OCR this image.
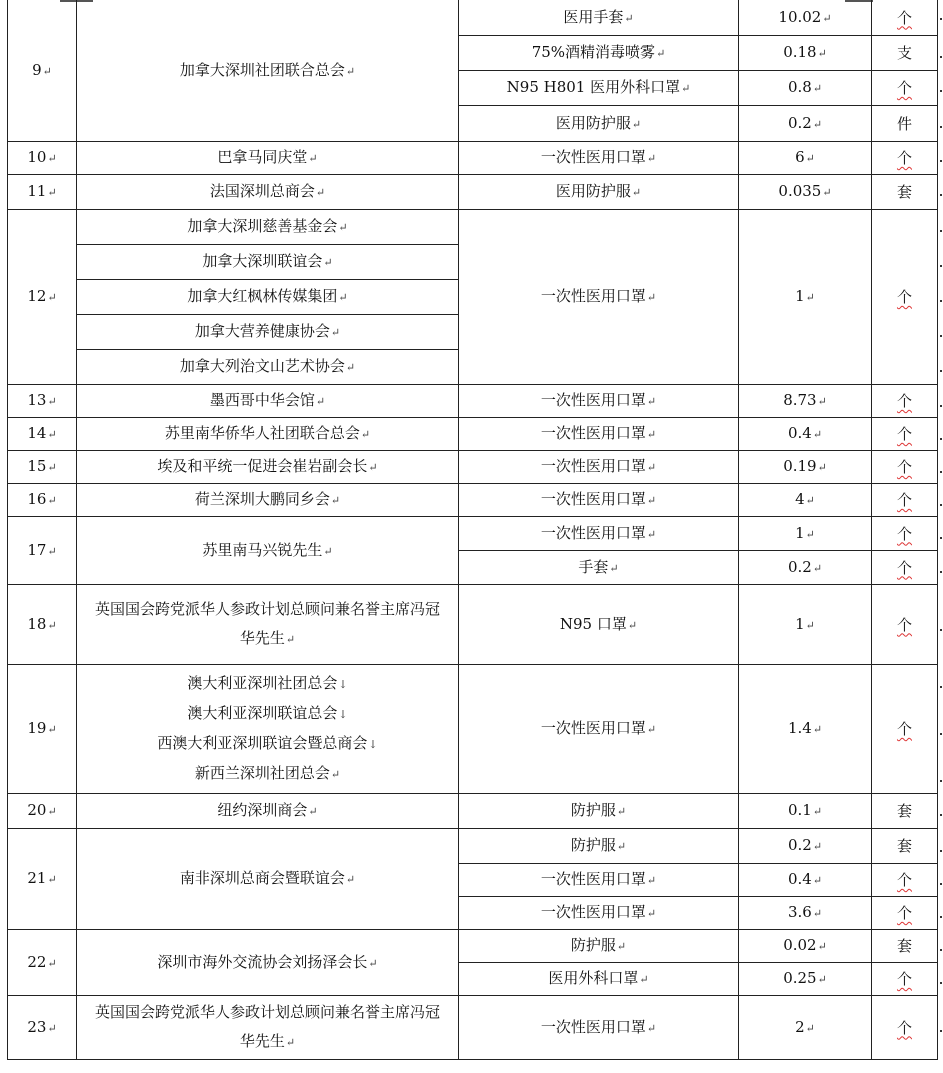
9 ↵	加拿大深圳社团联合总会 ↵	医用手套 ↵	10.02 ↵	个
		75%酒精消毒喷雾 ↵	0.18 ↵	支
		N95 H801 医用外科口罩 ↵	0.8 ↵	个
		医用防护服 ↵	0.2 ↵	件
10 ↵	巴拿马同庆堂 ↵	一次性医用口罩 ↵	6 ↵	个
11 ↵	法国深圳总商会 ↵	医用防护服 ↵	0.035 ↵	套
12 ↵	加拿大深圳慈善基金会 ↵	一次性医用口罩 ↵	1 ↵	个
	加拿大深圳联谊会 ↵
	加拿大红枫林传媒集团 ↵
	加拿大营养健康协会 ↵
	加拿大列治文山艺术协会 ↵
13 ↵	墨西哥中华会馆 ↵	一次性医用口罩 ↵	8.73 ↵	个
14 ↵	苏里南华侨华人社团联合总会 ↵	一次性医用口罩 ↵	0.4 ↵	个
15 ↵	埃及和平统一促进会崔岩副会长 ↵	一次性医用口罩 ↵	0.19 ↵	个
16 ↵	荷兰深圳大鹏同乡会 ↵	一次性医用口罩 ↵	4 ↵	个
17 ↵	苏里南马兴锐先生 ↵	一次性医用口罩 ↵	1 ↵	个
		手套 ↵	0.2 ↵	个
18 ↵	英国国会跨党派华人参政计划总顾问兼名誉主席冯冠华先生 ↵	N95 口罩 ↵	1 ↵	个
19 ↵	澳大利亚深圳社团总会 ↓
澳大利亚深圳联谊总会 ↓
西澳大利亚深圳联谊会暨总商会 ↓
新西兰深圳社团总会 ↵	一次性医用口罩 ↵	1.4 ↵	个
20 ↵	纽约深圳商会 ↵	防护服 ↵	0.1 ↵	套
21 ↵	南非深圳总商会暨联谊会 ↵	防护服 ↵	0.2 ↵	套
		一次性医用口罩 ↵	0.4 ↵	个
		一次性医用口罩 ↵	3.6 ↵	个
22 ↵	深圳市海外交流协会刘扬泽会长 ↵	防护服 ↵	0.02 ↵	套
		医用外科口罩 ↵	0.25 ↵	个
23 ↵	英国国会跨党派华人参政计划总顾问兼名誉主席冯冠华先生 ↵	一次性医用口罩 ↵	2 ↵	个
